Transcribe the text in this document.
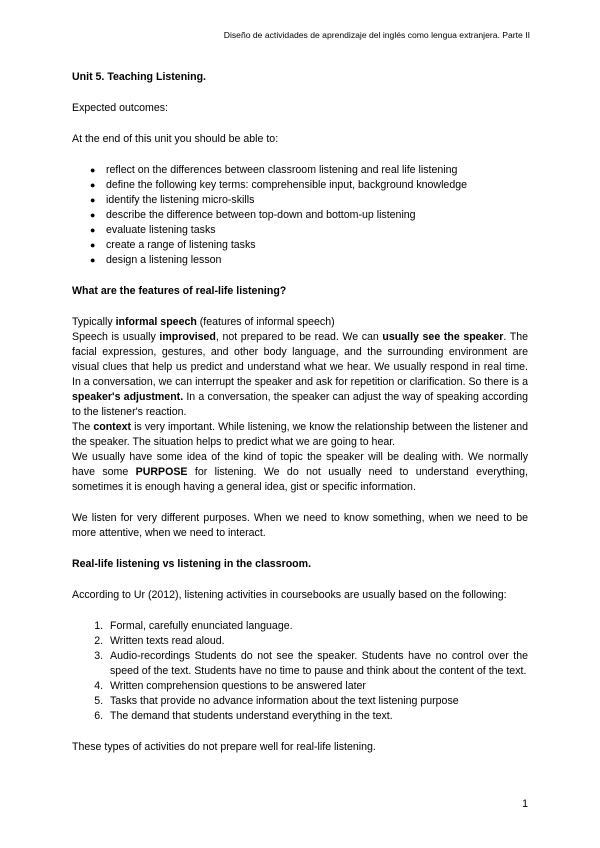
Diseño de actividades de aprendizaje del inglés como lengua extranjera. Parte II

Unit 5. Teaching Listening.

Expected outcomes:

At the end of this unit you should be able to:

● reflect on the differences between classroom listening and real life listening
● define the following key terms: comprehensible input, background knowledge
● identify the listening micro-skills
● describe the difference between top-down and bottom-up listening
● evaluate listening tasks
● create a range of listening tasks
● design a listening lesson

What are the features of real-life listening?

Typically informal speech (features of informal speech)

Speech is usually improvised, not prepared to be read. We can usually see the speaker. The facial expression, gestures, and other body language, and the surrounding environment are visual clues that help us predict and understand what we hear. We usually respond in real time. In a conversation, we can interrupt the speaker and ask for repetition or clarification. So there is a speaker's adjustment. In a conversation, the speaker can adjust the way of speaking according to the listener's reaction.

The context is very important. While listening, we know the relationship between the listener and the speaker. The situation helps to predict what we are going to hear.

We usually have some idea of the kind of topic the speaker will be dealing with. We normally have some PURPOSE for listening. We do not usually need to understand everything, sometimes it is enough having a general idea, gist or specific information.

We listen for very different purposes. When we need to know something, when we need to be more attentive, when we need to interact.

Real-life listening vs listening in the classroom.

According to Ur (2012), listening activities in coursebooks are usually based on the following:

1. Formal, carefully enunciated language.
2. Written texts read aloud.
3. Audio-recordings Students do not see the speaker. Students have no control over the speed of the text. Students have no time to pause and think about the content of the text.
4. Written comprehension questions to be answered later
5. Tasks that provide no advance information about the text listening purpose
6. The demand that students understand everything in the text.

These types of activities do not prepare well for real-life listening.

1
